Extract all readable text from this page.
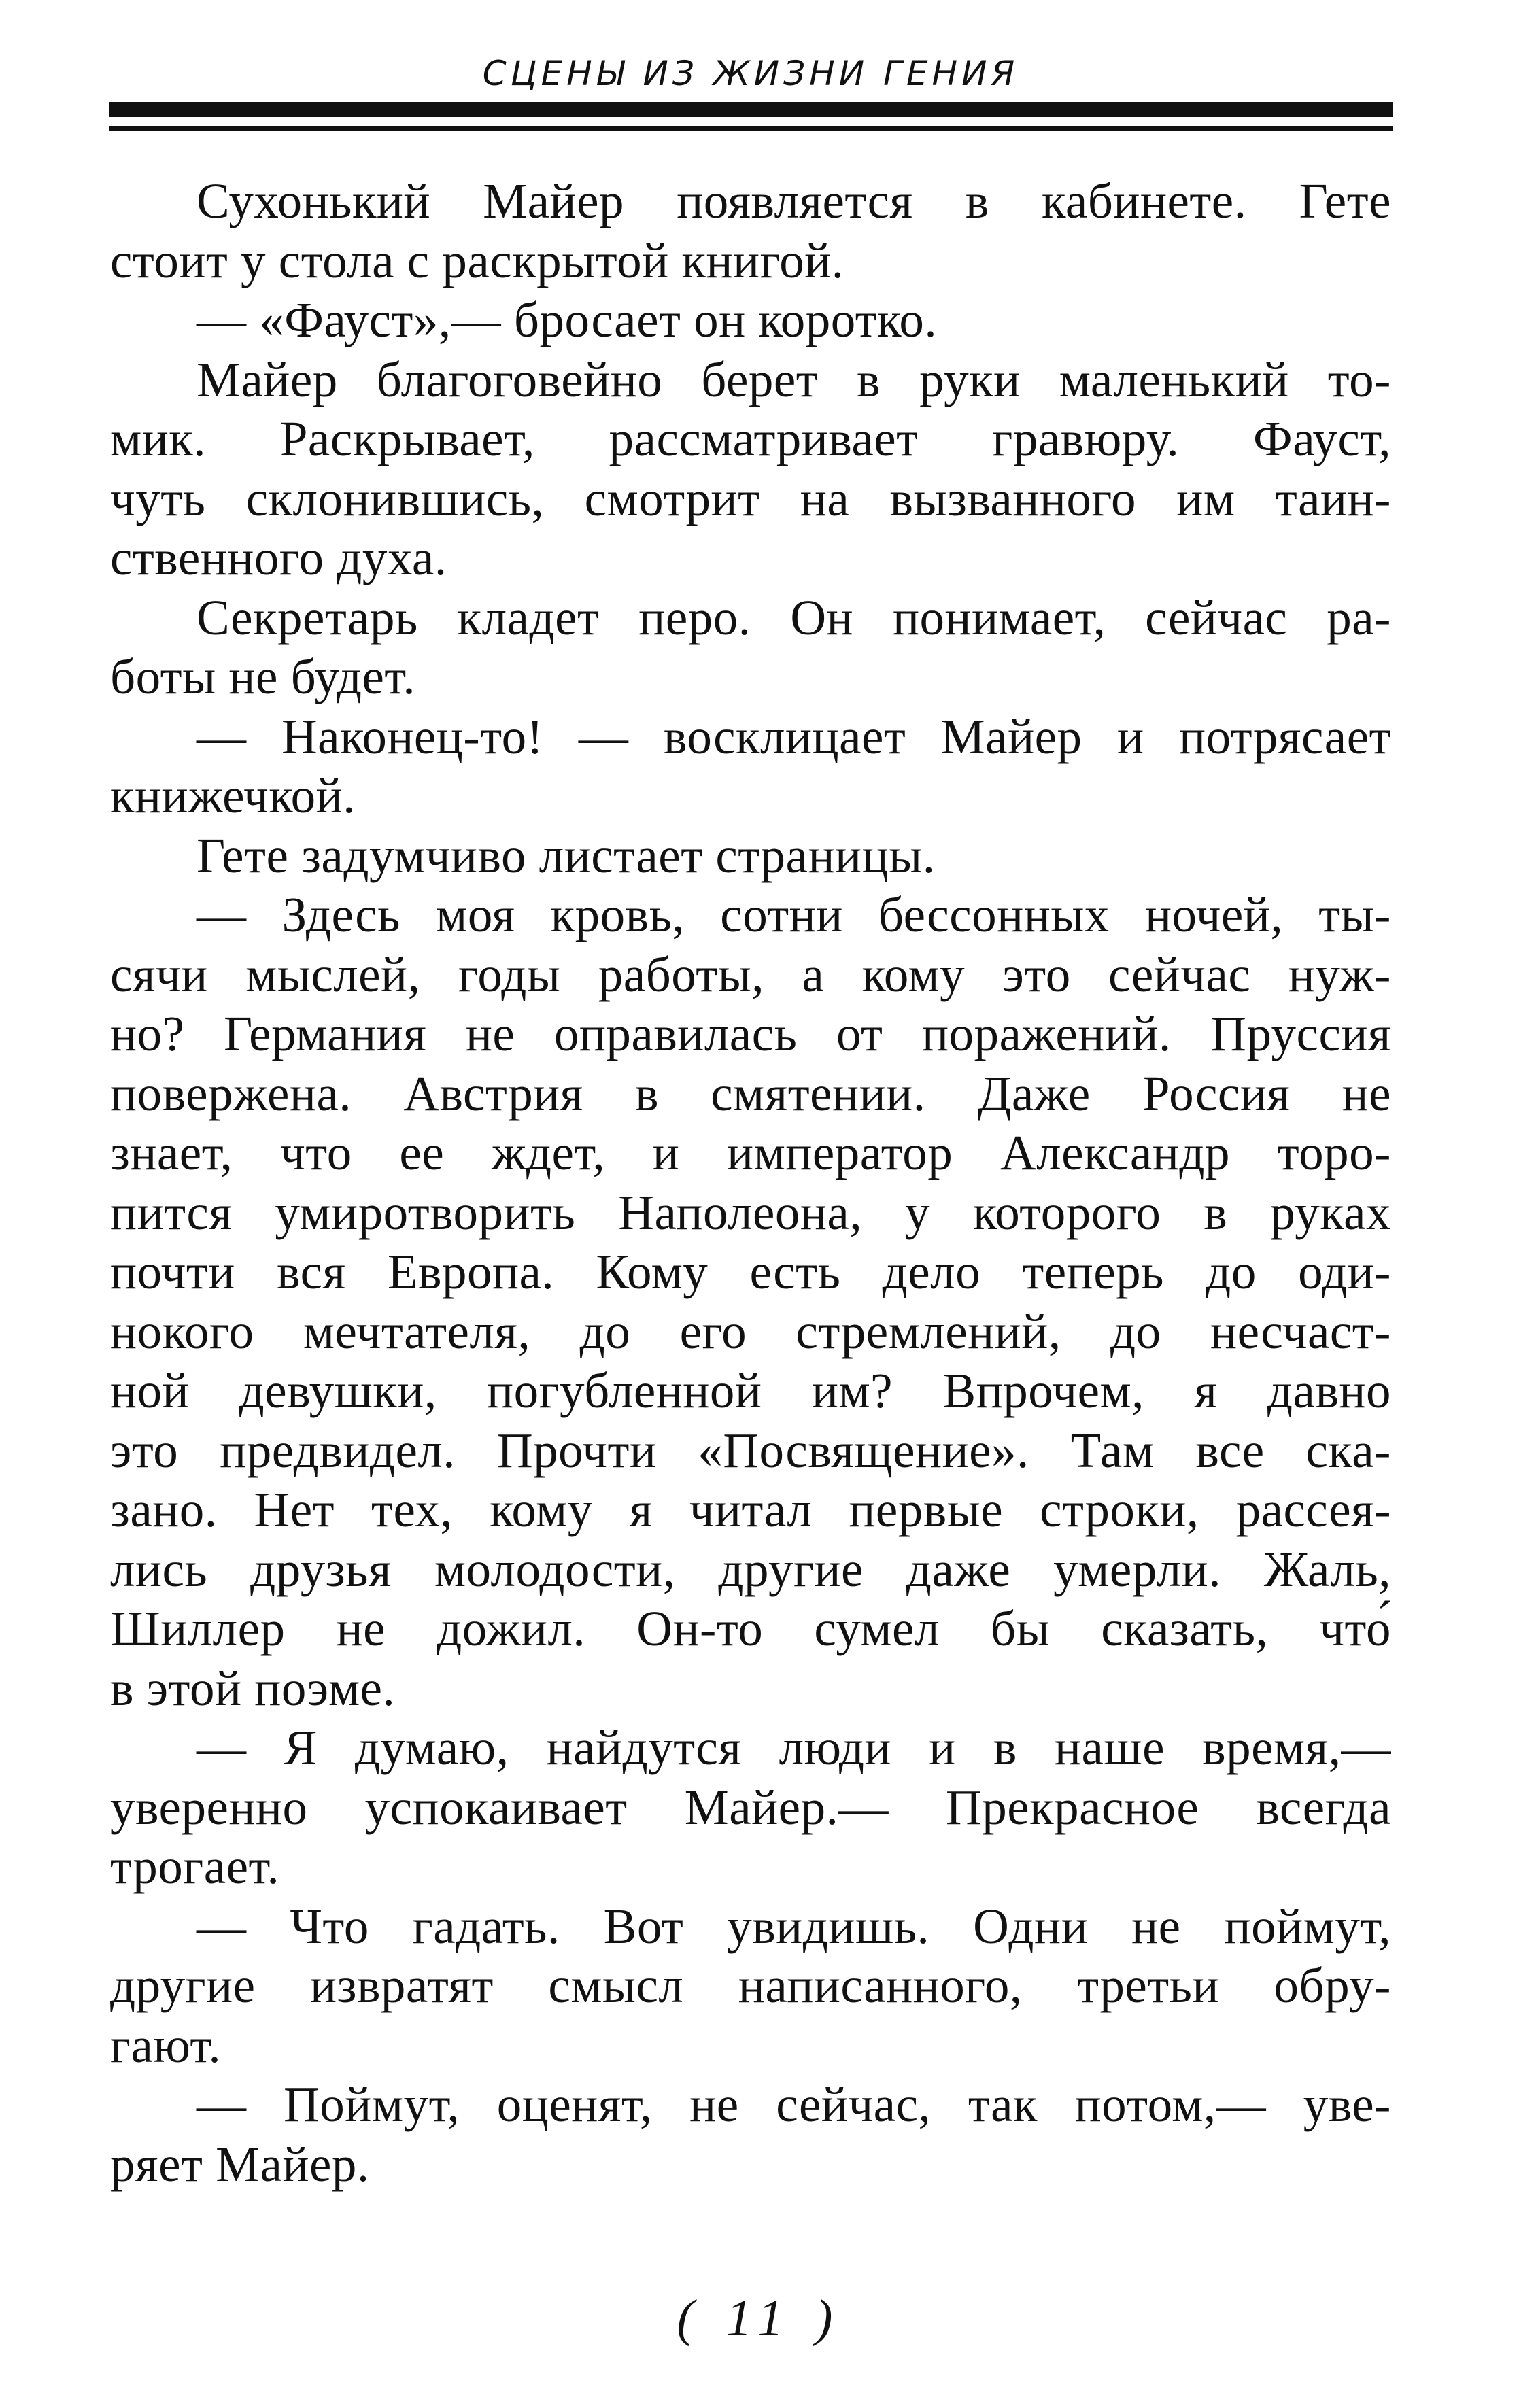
СЦЕНЫ ИЗ ЖИЗНИ ГЕНИЯ
Сухонький Майер появляется в кабинете. Гете
стоит у стола с раскрытой книгой.
— «Фауст»,— бросает он коротко.
Майер благоговейно берет в руки маленький то-
мик. Раскрывает, рассматривает гравюру. Фауст,
чуть склонившись, смотрит на вызванного им таин-
ственного духа.
Секретарь кладет перо. Он понимает, сейчас ра-
боты не будет.
— Наконец-то! — восклицает Майер и потрясает
книжечкой.
Гете задумчиво листает страницы.
— Здесь моя кровь, сотни бессонных ночей, ты-
сячи мыслей, годы работы, а кому это сейчас нуж-
но? Германия не оправилась от поражений. Пруссия
повержена. Австрия в смятении. Даже Россия не
знает, что ее ждет, и император Александр торо-
пится умиротворить Наполеона, у которого в руках
почти вся Европа. Кому есть дело теперь до оди-
нокого мечтателя, до его стремлений, до несчаст-
ной девушки, погубленной им? Впрочем, я давно
это предвидел. Прочти «Посвящение». Там все ска-
зано. Нет тех, кому я читал первые строки, рассея-
лись друзья молодости, другие даже умерли. Жаль,
Шиллер не дожил. Он-то сумел бы сказать, что́
в этой поэме.
— Я думаю, найдутся люди и в наше время,—
уверенно успокаивает Майер.— Прекрасное всегда
трогает.
— Что гадать. Вот увидишь. Одни не поймут,
другие извратят смысл написанного, третьи обру-
гают.
— Поймут, оценят, не сейчас, так потом,— уве-
ряет Майер.
( 11 )
